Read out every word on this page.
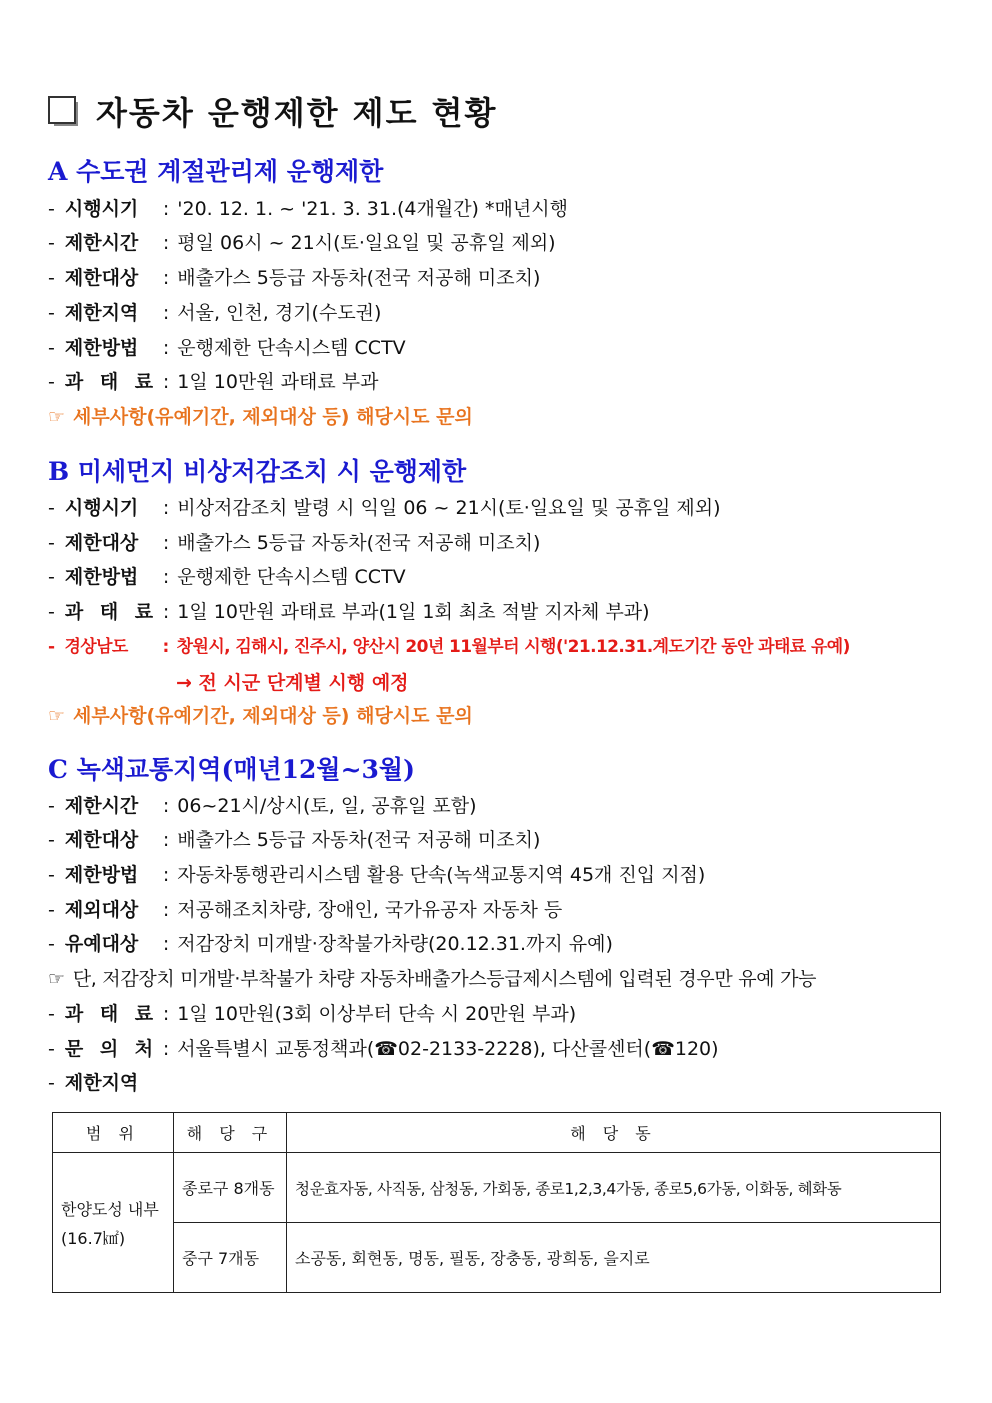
자동차 운행제한 제도 현황
A 수도권 계절관리제 운행제한
- 시행시기 : '20. 12. 1. ~ '21. 3. 31.(4개월간) *매년시행
- 제한시간 : 평일 06시 ~ 21시(토·일요일 및 공휴일 제외)
- 제한대상 : 배출가스 5등급 자동차(전국 저공해 미조치)
- 제한지역 : 서울, 인천, 경기(수도권)
- 제한방법 : 운행제한 단속시스템 CCTV
- 과 태 료 : 1일 10만원 과태료 부과
☞ 세부사항(유예기간, 제외대상 등) 해당시도 문의
B 미세먼지 비상저감조치 시 운행제한
- 시행시기 : 비상저감조치 발령 시 익일 06 ~ 21시(토·일요일 및 공휴일 제외)
- 제한대상 : 배출가스 5등급 자동차(전국 저공해 미조치)
- 제한방법 : 운행제한 단속시스템 CCTV
- 과 태 료 : 1일 10만원 과태료 부과(1일 1회 최초 적발 지자체 부과)
- 경상남도 : 창원시, 김해시, 진주시, 양산시 20년 11월부터 시행('21.12.31.계도기간 동안 과태료 유예)
→ 전 시군 단계별 시행 예정
☞ 세부사항(유예기간, 제외대상 등) 해당시도 문의
C 녹색교통지역(매년12월~3월)
- 제한시간 : 06~21시/상시(토, 일, 공휴일 포함)
- 제한대상 : 배출가스 5등급 자동차(전국 저공해 미조치)
- 제한방법 : 자동차통행관리시스템 활용 단속(녹색교통지역 45개 진입 지점)
- 제외대상 : 저공해조치차량, 장애인, 국가유공자 자동차 등
- 유예대상 : 저감장치 미개발·장착불가차량(20.12.31.까지 유예)
☞ 단, 저감장치 미개발·부착불가 차량 자동차배출가스등급제시스템에 입력된 경우만 유예 가능
- 과 태 료 : 1일 10만원(3회 이상부터 단속 시 20만원 부과)
- 문 의 처 : 서울특별시 교통정책과(☎02-2133-2228), 다산콜센터(☎120)
- 제한지역
범 위	해 당 구	해 당 동

한양도성 내부
(16.7㎢)	종로구 8개동	청운효자동, 사직동, 삼청동, 가회동, 종로1,2,3,4가동, 종로5,6가동, 이화동, 혜화동
	중구 7개동	소공동, 회현동, 명동, 필동, 장충동, 광희동, 을지로
